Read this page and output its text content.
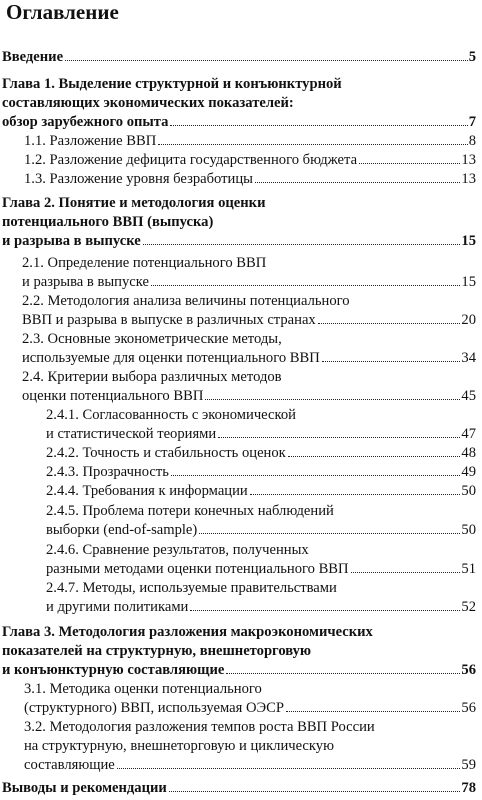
Оглавление
Введение	5
Глава 1. Выделение структурной и конъюнктурной
составляющих экономических показателей:
обзор зарубежного опыта	7
1.1. Разложение ВВП	8
1.2. Разложение дефицита государственного бюджета	13
1.3. Разложение уровня безработицы	13
Глава 2. Понятие и методология оценки
потенциального ВВП (выпуска)
и разрыва в выпуске	15
2.1. Определение потенциального ВВП
и разрыва в выпуске	15
2.2. Методология анализа величины потенциального
ВВП и разрыва в выпуске в различных странах	20
2.3. Основные эконометрические методы,
используемые для оценки потенциального ВВП	34
2.4. Критерии выбора различных методов
оценки потенциального ВВП	45
2.4.1. Согласованность с экономической
и статистической теориями	47
2.4.2. Точность и стабильность оценок	48
2.4.3. Прозрачность	49
2.4.4. Требования к информации	50
2.4.5. Проблема потери конечных наблюдений
выборки (end-of-sample)	50
2.4.6. Сравнение результатов, полученных
разными методами оценки потенциального ВВП	51
2.4.7. Методы, используемые правительствами
и другими политиками	52
Глава 3. Методология разложения макроэкономических
показателей на структурную, внешнеторговую
и конъюнктурную составляющие	56
3.1. Методика оценки потенциального
(структурного) ВВП, используемая ОЭСР	56
3.2. Методология разложения темпов роста ВВП России
на структурную, внешнеторговую и циклическую
составляющие	59
Выводы и рекомендации	78
